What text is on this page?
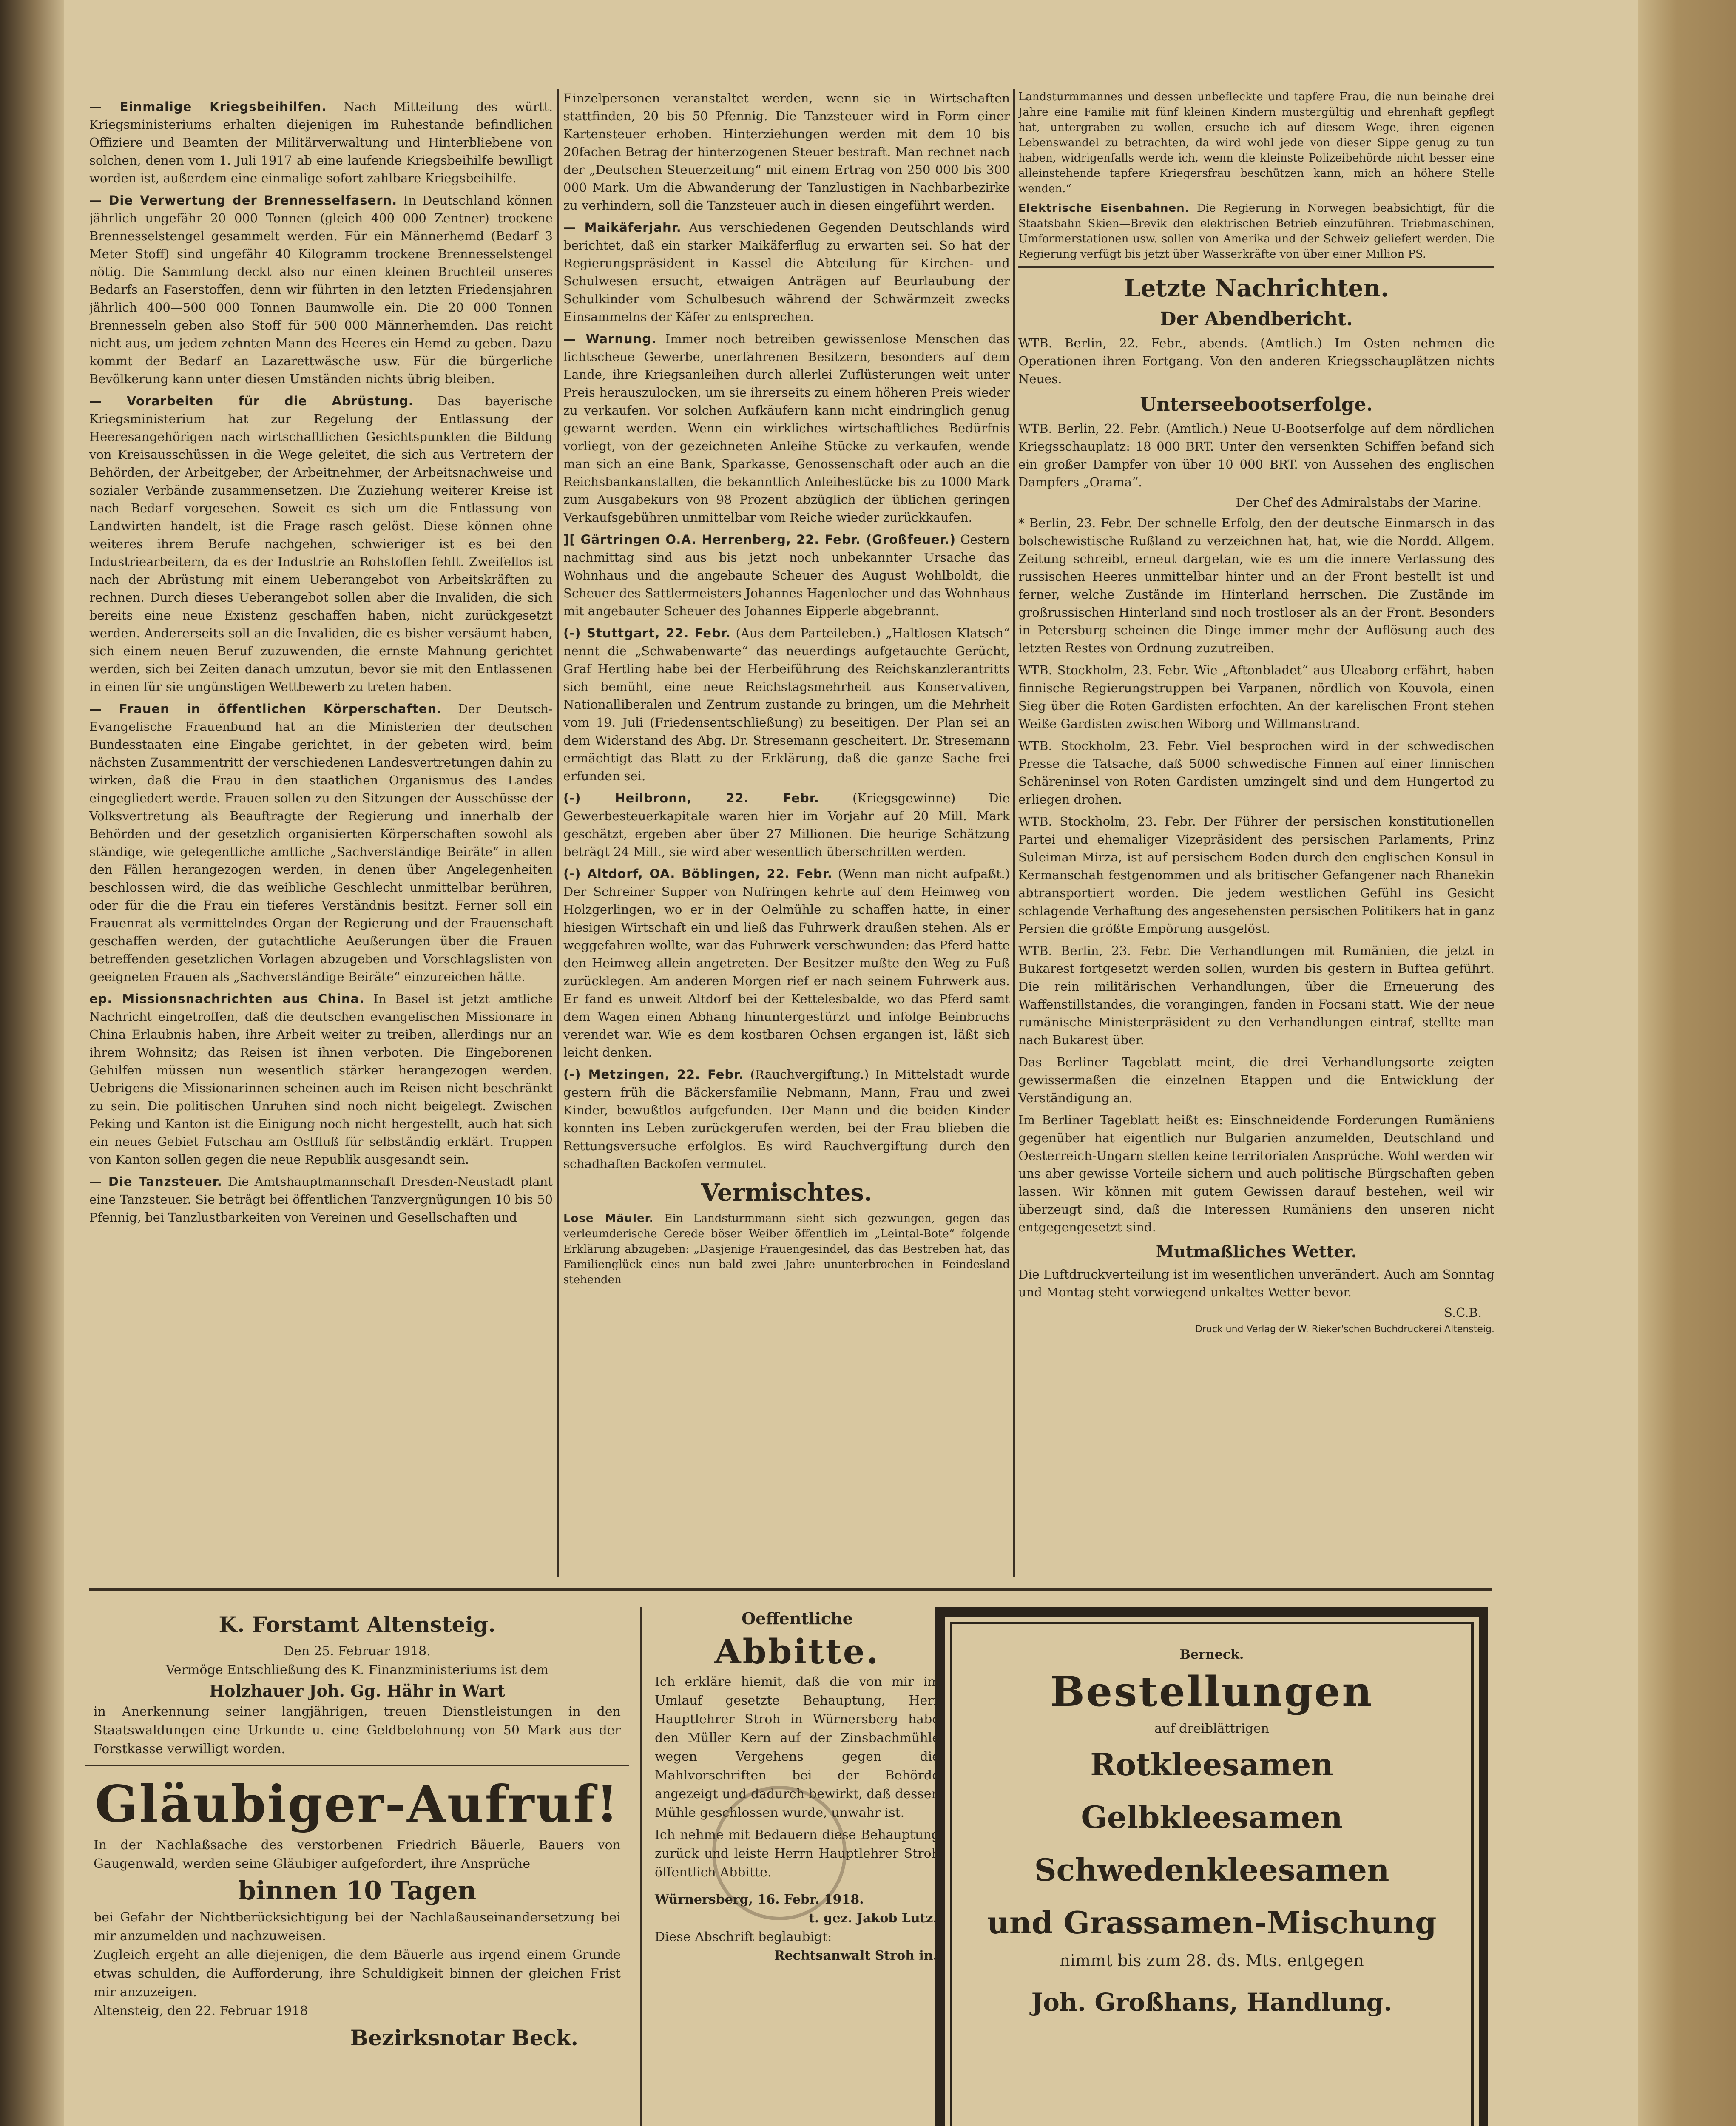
— Einmalige Kriegsbeihilfen. Nach Mitteilung des württ. Kriegsministeriums erhalten diejenigen im Ruhestande befindlichen Offiziere und Beamten der Militärverwaltung und Hinterbliebene von solchen, denen vom 1. Juli 1917 ab eine laufende Kriegsbeihilfe bewilligt worden ist, außerdem eine einmalige sofort zahlbare Kriegsbeihilfe.

— Die Verwertung der Brennesselfasern. In Deutschland können jährlich ungefähr 20 000 Tonnen (gleich 400 000 Zentner) trockene Brennesselstengel gesammelt werden. Für ein Männerhemd (Bedarf 3 Meter Stoff) sind ungefähr 40 Kilogramm trockene Brennesselstengel nötig. Die Sammlung deckt also nur einen kleinen Bruchteil unseres Bedarfs an Faserstoffen, denn wir führten in den letzten Friedensjahren jährlich 400—500 000 Tonnen Baumwolle ein. Die 20 000 Tonnen Brennesseln geben also Stoff für 500 000 Männerhemden. Das reicht nicht aus, um jedem zehnten Mann des Heeres ein Hemd zu geben. Dazu kommt der Bedarf an Lazarettwäsche usw. Für die bürgerliche Bevölkerung kann unter diesen Umständen nichts übrig bleiben.

— Vorarbeiten für die Abrüstung. Das bayerische Kriegsministerium hat zur Regelung der Entlassung der Heeresangehörigen nach wirtschaftlichen Gesichtspunkten die Bildung von Kreisausschüssen in die Wege geleitet, die sich aus Vertretern der Behörden, der Arbeitgeber, der Arbeitnehmer, der Arbeitsnachweise und sozialer Verbände zusammensetzen. Die Zuziehung weiterer Kreise ist nach Bedarf vorgesehen. Soweit es sich um die Entlassung von Landwirten handelt, ist die Frage rasch gelöst. Diese können ohne weiteres ihrem Berufe nachgehen, schwieriger ist es bei den Industriearbeitern, da es der Industrie an Rohstoffen fehlt. Zweifellos ist nach der Abrüstung mit einem Ueberangebot von Arbeitskräften zu rechnen. Durch dieses Ueberangebot sollen aber die Invaliden, die sich bereits eine neue Existenz geschaffen haben, nicht zurückgesetzt werden. Andererseits soll an die Invaliden, die es bisher versäumt haben, sich einem neuen Beruf zuzuwenden, die ernste Mahnung gerichtet werden, sich bei Zeiten danach umzutun, bevor sie mit den Entlassenen in einen für sie ungünstigen Wettbewerb zu treten haben.

— Frauen in öffentlichen Körperschaften. Der Deutsch-Evangelische Frauenbund hat an die Ministerien der deutschen Bundesstaaten eine Eingabe gerichtet, in der gebeten wird, beim nächsten Zusammentritt der verschiedenen Landesvertretungen dahin zu wirken, daß die Frau in den staatlichen Organismus des Landes eingegliedert werde. Frauen sollen zu den Sitzungen der Ausschüsse der Volksvertretung als Beauftragte der Regierung und innerhalb der Behörden und der gesetzlich organisierten Körperschaften sowohl als ständige, wie gelegentliche amtliche „Sachverständige Beiräte“ in allen den Fällen herangezogen werden, in denen über Angelegenheiten beschlossen wird, die das weibliche Geschlecht unmittelbar berühren, oder für die die Frau ein tieferes Verständnis besitzt. Ferner soll ein Frauenrat als vermittelndes Organ der Regierung und der Frauenschaft geschaffen werden, der gutachtliche Aeußerungen über die Frauen betreffenden gesetzlichen Vorlagen abzugeben und Vorschlagslisten von geeigneten Frauen als „Sachverständige Beiräte“ einzureichen hätte.

ep. Missionsnachrichten aus China. In Basel ist jetzt amtliche Nachricht eingetroffen, daß die deutschen evangelischen Missionare in China Erlaubnis haben, ihre Arbeit weiter zu treiben, allerdings nur an ihrem Wohnsitz; das Reisen ist ihnen verboten. Die Eingeborenen Gehilfen müssen nun wesentlich stärker herangezogen werden. Uebrigens die Missionarinnen scheinen auch im Reisen nicht beschränkt zu sein. Die politischen Unruhen sind noch nicht beigelegt. Zwischen Peking und Kanton ist die Einigung noch nicht hergestellt, auch hat sich ein neues Gebiet Futschau am Ostfluß für selbständig erklärt. Truppen von Kanton sollen gegen die neue Republik ausgesandt sein.

— Die Tanzsteuer. Die Amtshauptmannschaft Dresden-Neustadt plant eine Tanzsteuer. Sie beträgt bei öffentlichen Tanzvergnügungen 10 bis 50 Pfennig, bei Tanzlustbarkeiten von Vereinen und Gesellschaften und

Einzelpersonen veranstaltet werden, wenn sie in Wirtschaften stattfinden, 20 bis 50 Pfennig. Die Tanzsteuer wird in Form einer Kartensteuer erhoben. Hinterziehungen werden mit dem 10 bis 20fachen Betrag der hinterzogenen Steuer bestraft. Man rechnet nach der „Deutschen Steuerzeitung“ mit einem Ertrag von 250 000 bis 300 000 Mark. Um die Abwanderung der Tanzlustigen in Nachbarbezirke zu verhindern, soll die Tanzsteuer auch in diesen eingeführt werden.

— Maikäferjahr. Aus verschiedenen Gegenden Deutschlands wird berichtet, daß ein starker Maikäferflug zu erwarten sei. So hat der Regierungspräsident in Kassel die Abteilung für Kirchen- und Schulwesen ersucht, etwaigen Anträgen auf Beurlaubung der Schulkinder vom Schulbesuch während der Schwärmzeit zwecks Einsammelns der Käfer zu entsprechen.

— Warnung. Immer noch betreiben gewissenlose Menschen das lichtscheue Gewerbe, unerfahrenen Besitzern, besonders auf dem Lande, ihre Kriegsanleihen durch allerlei Zuflüsterungen weit unter Preis herauszulocken, um sie ihrerseits zu einem höheren Preis wieder zu verkaufen. Vor solchen Aufkäufern kann nicht eindringlich genug gewarnt werden. Wenn ein wirkliches wirtschaftliches Bedürfnis vorliegt, von der gezeichneten Anleihe Stücke zu verkaufen, wende man sich an eine Bank, Sparkasse, Genossenschaft oder auch an die Reichsbankanstalten, die bekanntlich Anleihestücke bis zu 1000 Mark zum Ausgabekurs von 98 Prozent abzüglich der üblichen geringen Verkaufsgebühren unmittelbar vom Reiche wieder zurückkaufen.

][ Gärtringen O.A. Herrenberg, 22. Febr. (Großfeuer.) Gestern nachmittag sind aus bis jetzt noch unbekannter Ursache das Wohnhaus und die angebaute Scheuer des August Wohlboldt, die Scheuer des Sattlermeisters Johannes Hagenlocher und das Wohnhaus mit angebauter Scheuer des Johannes Eipperle abgebrannt.

(-) Stuttgart, 22. Febr. (Aus dem Parteileben.) „Haltlosen Klatsch“ nennt die „Schwabenwarte“ das neuerdings aufgetauchte Gerücht, Graf Hertling habe bei der Herbeiführung des Reichskanzlerantritts sich bemüht, eine neue Reichstagsmehrheit aus Konservativen, Nationalliberalen und Zentrum zustande zu bringen, um die Mehrheit vom 19. Juli (Friedensentschließung) zu beseitigen. Der Plan sei an dem Widerstand des Abg. Dr. Stresemann gescheitert. Dr. Stresemann ermächtigt das Blatt zu der Erklärung, daß die ganze Sache frei erfunden sei.

(-) Heilbronn, 22. Febr.	(Kriegsgewinne) Die Gewerbesteuerkapitale waren hier im Vorjahr auf 20 Mill. Mark geschätzt, ergeben aber über 27 Millionen. Die heurige Schätzung beträgt 24 Mill., sie wird aber wesentlich überschritten werden.

(-) Altdorf, OA. Böblingen, 22. Febr. (Wenn man nicht aufpaßt.) Der Schreiner Supper von Nufringen kehrte auf dem Heimweg von Holzgerlingen, wo er in der Oelmühle zu schaffen hatte, in einer hiesigen Wirtschaft ein und ließ das Fuhrwerk draußen stehen. Als er weggefahren wollte, war das Fuhrwerk verschwunden: das Pferd hatte den Heimweg allein angetreten. Der Besitzer mußte den Weg zu Fuß zurücklegen. Am anderen Morgen rief er nach seinem Fuhrwerk aus. Er fand es unweit Altdorf bei der Kettelesbalde, wo das Pferd samt dem Wagen einen Abhang hinuntergestürzt und infolge Beinbruchs verendet war. Wie es dem kostbaren Ochsen ergangen ist, läßt sich leicht denken.

(-) Metzingen, 22. Febr. (Rauchvergiftung.) In Mittelstadt wurde gestern früh die Bäckersfamilie Nebmann, Mann, Frau und zwei Kinder, bewußtlos aufgefunden. Der Mann und die beiden Kinder konnten ins Leben zurückgerufen werden, bei der Frau blieben die Rettungsversuche erfolglos. Es wird Rauchvergiftung durch den schadhaften Backofen vermutet.

Vermischtes.

Lose Mäuler. Ein Landsturmmann sieht sich gezwungen, gegen das verleumderische Gerede böser Weiber öffentlich im „Leintal-Bote“ folgende Erklärung abzugeben: „Dasjenige Frauengesindel, das das Bestreben hat, das Familienglück eines nun bald zwei Jahre ununterbrochen in Feindesland stehenden

Landsturmmannes und dessen unbefleckte und tapfere Frau, die nun beinahe drei Jahre eine Familie mit fünf kleinen Kindern mustergültig und ehrenhaft gepflegt hat, untergraben zu wollen, ersuche ich auf diesem Wege, ihren eigenen Lebenswandel zu betrachten, da wird wohl jede von dieser Sippe genug zu tun haben, widrigenfalls werde ich, wenn die kleinste Polizeibehörde nicht besser eine alleinstehende tapfere Kriegersfrau beschützen kann, mich an höhere Stelle wenden.“

Elektrische Eisenbahnen. Die Regierung in Norwegen beabsichtigt, für die Staatsbahn Skien—Brevik den elektrischen Betrieb einzuführen. Triebmaschinen, Umformerstationen usw. sollen von Amerika und der Schweiz geliefert werden. Die Regierung verfügt bis jetzt über Wasserkräfte von über einer Million PS.

Letzte Nachrichten.
Der Abendbericht.

WTB. Berlin, 22. Febr., abends. (Amtlich.) Im Osten nehmen die Operationen ihren Fortgang. Von den anderen Kriegsschauplätzen nichts Neues.

Unterseebootserfolge.

WTB. Berlin, 22. Febr. (Amtlich.) Neue U-Bootserfolge auf dem nördlichen Kriegsschauplatz: 18 000 BRT. Unter den versenkten Schiffen befand sich ein großer Dampfer von über 10 000 BRT. von Aussehen des englischen Dampfers „Orama“.

Der Chef des Admiralstabs der Marine.

* Berlin, 23. Febr. Der schnelle Erfolg, den der deutsche Einmarsch in das bolschewistische Rußland zu verzeichnen hat, hat, wie die Nordd. Allgem. Zeitung schreibt, erneut dargetan, wie es um die innere Verfassung des russischen Heeres unmittelbar hinter und an der Front bestellt ist und ferner, welche Zustände im Hinterland herrschen. Die Zustände im großrussischen Hinterland sind noch trostloser als an der Front. Besonders in Petersburg scheinen die Dinge immer mehr der Auflösung auch des letzten Restes von Ordnung zuzutreiben.

WTB. Stockholm, 23. Febr. Wie „Aftonbladet“ aus Uleaborg erfährt, haben finnische Regierungstruppen bei Varpanen, nördlich von Kouvola, einen Sieg über die Roten Gardisten erfochten. An der karelischen Front stehen Weiße Gardisten zwischen Wiborg und Willmanstrand.

WTB. Stockholm, 23. Febr. Viel besprochen wird in der schwedischen Presse die Tatsache, daß 5000 schwedische Finnen auf einer finnischen Schäreninsel von Roten Gardisten umzingelt sind und dem Hungertod zu erliegen drohen.

WTB. Stockholm, 23. Febr. Der Führer der persischen konstitutionellen Partei und ehemaliger Vizepräsident des persischen Parlaments, Prinz Suleiman Mirza, ist auf persischem Boden durch den englischen Konsul in Kermanschah festgenommen und als britischer Gefangener nach Rhanekin abtransportiert worden. Die jedem westlichen Gefühl ins Gesicht schlagende Verhaftung des angesehensten persischen Politikers hat in ganz Persien die größte Empörung ausgelöst.

WTB. Berlin, 23. Febr. Die Verhandlungen mit Rumänien, die jetzt in Bukarest fortgesetzt werden sollen, wurden bis gestern in Buftea geführt. Die rein militärischen Verhandlungen, über die Erneuerung des Waffenstillstandes, die vorangingen, fanden in Focsani statt. Wie der neue rumänische Ministerpräsident zu den Verhandlungen eintraf, stellte man nach Bukarest über.

Das Berliner Tageblatt meint, die drei Verhandlungsorte zeigten gewissermaßen die einzelnen Etappen und die Entwicklung der Verständigung an.

Im Berliner Tageblatt heißt es: Einschneidende Forderungen Rumäniens gegenüber hat eigentlich nur Bulgarien anzumelden, Deutschland und Oesterreich-Ungarn stellen keine territorialen Ansprüche. Wohl werden wir uns aber gewisse Vorteile sichern und auch politische Bürgschaften geben lassen. Wir können mit gutem Gewissen darauf bestehen, weil wir überzeugt sind, daß die Interessen Rumäniens den unseren nicht entgegengesetzt sind.

Mutmaßliches Wetter.

Die Luftdruckverteilung ist im wesentlichen unverändert. Auch am Sonntag und Montag steht vorwiegend unkaltes Wetter bevor.

S.C.B.
Druck und Verlag der W. Rieker'schen Buchdruckerei Altensteig.
K. Forstamt Altensteig.
Den 25. Februar 1918.
Vermöge Entschließung des K. Finanzministeriums ist dem
Holzhauer Joh. Gg. Hähr in Wart
in Anerkennung seiner langjährigen, treuen Dienstleistungen in den Staatswaldungen eine Urkunde u. eine Geldbelohnung von 50 Mark aus der Forstkasse verwilligt worden.
Gläubiger-Aufruf!
In der Nachlaßsache des verstorbenen Friedrich Bäuerle, Bauers von Gaugenwald, werden seine Gläubiger aufgefordert, ihre Ansprüche
binnen 10 Tagen
bei Gefahr der Nichtberücksichtigung bei der Nachlaßauseinandersetzung bei mir anzumelden und nachzuweisen.
Zugleich ergeht an alle diejenigen, die dem Bäuerle aus irgend einem Grunde etwas schulden, die Aufforderung, ihre Schuldigkeit binnen der gleichen Frist mir anzuzeigen.
Altensteig, den 22. Februar 1918
Bezirksnotar Beck.
Oeffentliche
Abbitte.
Ich erkläre hiemit, daß die von mir im Umlauf gesetzte Behauptung, Herr Hauptlehrer Stroh in Würnersberg habe den Müller Kern auf der Zinsbachmühle wegen Vergehens gegen die Mahlvorschriften bei der Behörde angezeigt und dadurch bewirkt, daß dessen Mühle geschlossen wurde, unwahr ist.
Ich nehme mit Bedauern diese Behauptung zurück und leiste Herrn Hauptlehrer Stroh öffentlich Abbitte.
Würnersberg, 16. Febr. 1918.
t. gez. Jakob Lutz.
Diese Abschrift beglaubigt:
Rechtsanwalt Stroh in.
Berneck.
Bestellungen
auf dreiblättrigen
Rotkleesamen
Gelbkleesamen
Schwedenkleesamen
und Grassamen-Mischung
nimmt bis zum 28. ds. Mts. entgegen
Joh. Großhans, Handlung.
